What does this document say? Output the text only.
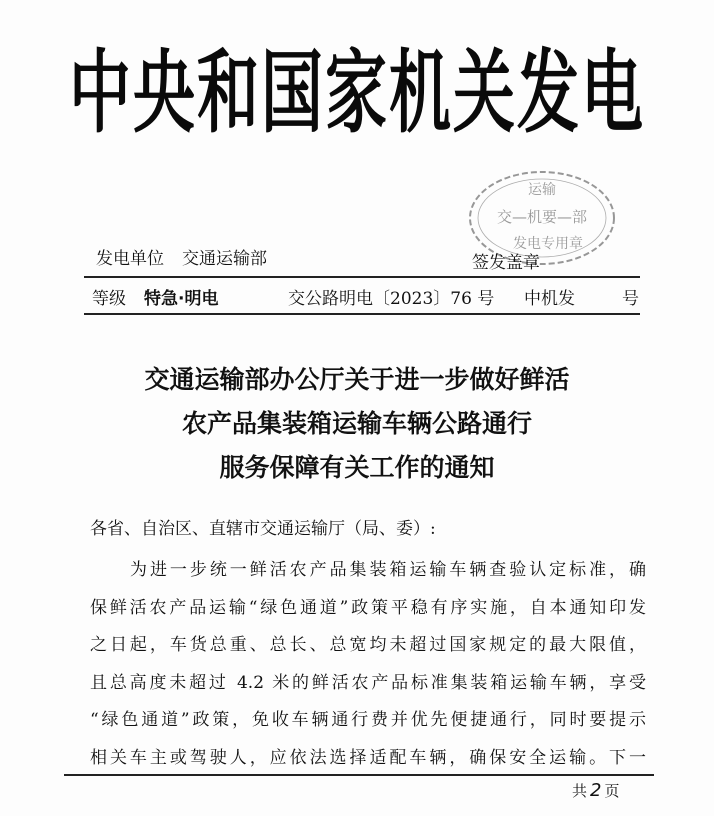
中央和国家机关发电
运输
交—机要—部
发电专用章
发电单位 交通运输部	签发盖章
等级 特急·明电	交公路明电〔2023〕76 号 中机发	号
交通运输部办公厅关于进一步做好鲜活
农产品集装箱运输车辆公路通行
服务保障有关工作的通知
各省、自治区、直辖市交通运输厅（局、委）:
为进一步统一鲜活农产品集装箱运输车辆查验认定标准，确
保鲜活农产品运输“绿色通道”政策平稳有序实施，自本通知印发
之日起，车货总重、总长、总宽均未超过国家规定的最大限值，
且总高度未超过 4.2 米的鲜活农产品标准集装箱运输车辆，享受
“绿色通道”政策，免收车辆通行费并优先便捷通行，同时要提示
相关车主或驾驶人，应依法选择适配车辆，确保安全运输。下一
共 2 页
